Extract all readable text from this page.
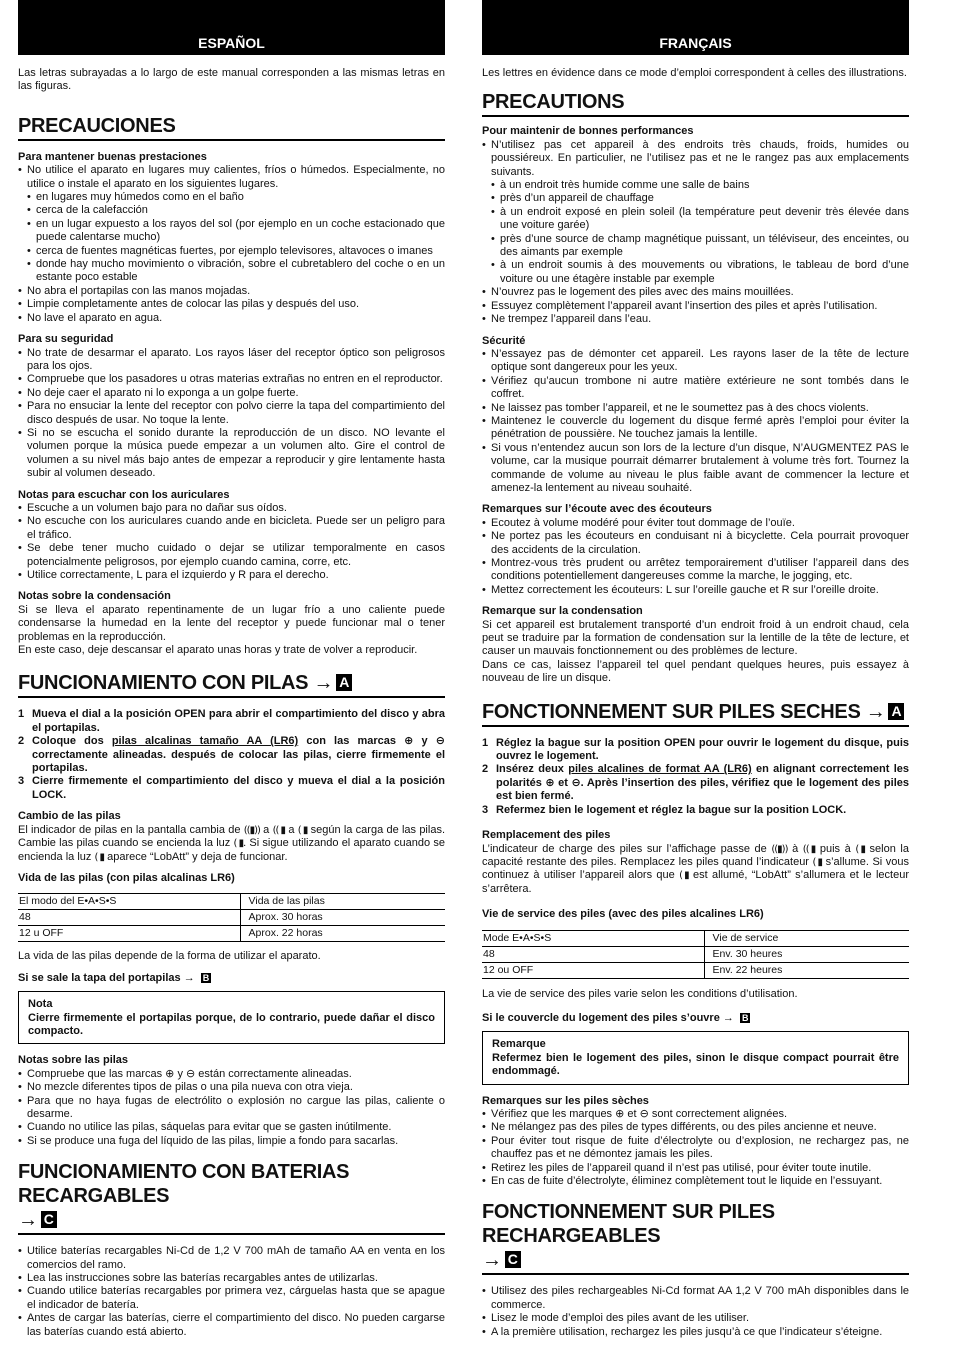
ESPAÑOL

Las letras subrayadas a lo largo de este manual corresponden a las mismas letras en las figuras.

PRECAUCIONES
Para mantener buenas prestaciones
• No utilice el aparato en lugares muy calientes, fríos o húmedos. Especialmente, no utilice o instale el aparato en los siguientes lugares.
• en lugares muy húmedos como en el baño
• cerca de la calefacción
• en un lugar expuesto a los rayos del sol (por ejemplo en un coche estacionado que puede calentarse mucho)
• cerca de fuentes magnéticas fuertes, por ejemplo televisores, altavoces o imanes
• donde hay mucho movimiento o vibración, sobre el cubretablero del coche o en un estante poco estable
• No abra el portapilas con las manos mojadas.
• Limpie completamente antes de colocar las pilas y después del uso.
• No lave el aparato en agua.
Para su seguridad
• No trate de desarmar el aparato. Los rayos láser del receptor óptico son peligrosos para los ojos.
• Compruebe que los pasadores u otras materias extrañas no entren en el reproductor.
• No deje caer el aparato ni lo exponga a un golpe fuerte.
• Para no ensuciar la lente del receptor con polvo cierre la tapa del compartimiento del disco después de usar. No toque la lente.
• Si no se escucha el sonido durante la reproducción de un disco. NO levante el volumen porque la música puede empezar a un volumen alto. Gire el control de volumen a su nivel más bajo antes de empezar a reproducir y gire lentamente hasta subir al volumen deseado.
Notas para escuchar con los auriculares
• Escuche a un volumen bajo para no dañar sus oídos.
• No escuche con los auriculares cuando ande en bicicleta. Puede ser un peligro para el tráfico.
• Se debe tener mucho cuidado o dejar se utilizar temporalmente en casos potencialmente peligrosos, por ejemplo cuando camina, corre, etc.
• Utilice correctamente, L para el izquierdo y R para el derecho.
Notas sobre la condensación

Si se lleva el aparato repentinamente de un lugar frío a uno caliente puede condensarse la humedad en la lente del receptor y puede funcionar mal o tener problemas en la reproducción.

En este caso, deje descansar el aparato unas horas y trate de volver a reproducir.

FUNCIONAMIENTO CON PILAS → A
1 Mueva el dial a la posición OPEN para abrir el compartimiento del disco y abra el portapilas.
2 Coloque dos pilas alcalinas tamaño AA (LR6) con las marcas ⊕ y ⊖ correctamente alineadas. después de colocar las pilas, cierre firmemente el portapilas.
3 Cierre firmemente el compartimiento del disco y mueva el dial a la posición LOCK.
Cambio de las pilas

El indicador de pilas en la pantalla cambia de ((▮)) a (( ▮ a ( ▮ según la carga de las pilas. Cambie las pilas cuando se encienda la luz ( ▮. Si sigue utilizando el aparato cuando se encienda la luz ( ▮ aparece “LobAtt” y deja de funcionar.

Vida de las pilas (con pilas alcalinas LR6)
El modo del E•A•S•S	Vida de las pilas
48	Aprox. 30 horas
12 u OFF	Aprox. 22 horas

La vida de las pilas depende de la forma de utilizar el aparato.

Si se sale la tapa del portapilas → B
Nota

Cierre firmemente el portapilas porque, de lo contrario, puede dañar el disco compacto.

Notas sobre las pilas
• Compruebe que las marcas ⊕ y ⊖ están correctamente alineadas.
• No mezcle diferentes tipos de pilas o una pila nueva con otra vieja.
• Para que no haya fugas de electrólito o explosión no cargue las pilas, caliente o desarme.
• Cuando no utilice las pilas, sáquelas para evitar que se gasten inútilmente.
• Si se produce una fuga del líquido de las pilas, limpie a fondo para sacarlas.
FUNCIONAMIENTO CON BATERIAS RECARGABLES
→ C
• Utilice baterías recargables Ni-Cd de 1,2 V 700 mAh de tamaño AA en venta en los comercios del ramo.
• Lea las instrucciones sobre las baterías recargables antes de utilizarlas.
• Cuando utilice baterías recargables por primera vez, cárguelas hasta que se apague el indicador de batería.
• Antes de cargar las baterías, cierre el compartimiento del disco. No pueden cargarse las baterías cuando está abierto.
FRANÇAIS

Les lettres en évidence dans ce mode d’emploi correspondent à celles des illustrations.

PRECAUTIONS
Pour maintenir de bonnes performances
• N’utilisez pas cet appareil à des endroits très chauds, froids, humides ou poussiéreux. En particulier, ne l’utilisez pas et ne le rangez pas aux emplacements suivants.
• à un endroit très humide comme une salle de bains
• près d’un appareil de chauffage
• à un endroit exposé en plein soleil (la température peut devenir très élevée dans une voiture garée)
• près d’une source de champ magnétique puissant, un téléviseur, des enceintes, ou des aimants par exemple
• à un endroit soumis à des mouvements ou vibrations, le tableau de bord d’une voiture ou une étagère instable par exemple
• N’ouvrez pas le logement des piles avec des mains mouillées.
• Essuyez complètement l’appareil avant l’insertion des piles et après l’utilisation.
• Ne trempez l’appareil dans l’eau.
Sécurité
• N’essayez pas de démonter cet appareil. Les rayons laser de la tête de lecture optique sont dangereux pour les yeux.
• Vérifiez qu’aucun trombone ni autre matière extérieure ne sont tombés dans le coffret.
• Ne laissez pas tomber l’appareil, et ne le soumettez pas à des chocs violents.
• Maintenez le couvercle du logement du disque fermé après l’emploi pour éviter la pénétration de poussière. Ne touchez jamais la lentille.
• Si vous n’entendez aucun son lors de la lecture d’un disque, N’AUGMENTEZ PAS le volume, car la musique pourrait démarrer brutalement à volume très fort. Tournez la commande de volume au niveau le plus faible avant de commencer la lecture et amenez-la lentement au niveau souhaité.
Remarques sur l’écoute avec des écouteurs
• Ecoutez à volume modéré pour éviter tout dommage de l’ouïe.
• Ne portez pas les écouteurs en conduisant ni à bicyclette. Cela pourrait provoquer des accidents de la circulation.
• Montrez-vous très prudent ou arrêtez temporairement d’utiliser l’appareil dans des conditions potentiellement dangereuses comme la marche, le jogging, etc.
• Mettez correctement les écouteurs: L sur l’oreille gauche et R sur l’oreille droite.
Remarque sur la condensation

Si cet appareil est brutalement transporté d’un endroit froid à un endroit chaud, cela peut se traduire par la formation de condensation sur la lentille de la tête de lecture, et causer un mauvais fonctionnement ou des problèmes de lecture.

Dans ce cas, laissez l’appareil tel quel pendant quelques heures, puis essayez à nouveau de lire un disque.

FONCTIONNEMENT SUR PILES SECHES → A
1 Réglez la bague sur la position OPEN pour ouvrir le logement du disque, puis ouvrez le logement.
2 Insérez deux piles alcalines de format AA (LR6) en alignant correctement les polarités ⊕ et ⊖. Après l’insertion des piles, vérifiez que le logement des piles est bien fermé.
3 Refermez bien le logement et réglez la bague sur la position LOCK.
Remplacement des piles

L’indicateur de charge des piles sur l’affichage passe de ((▮)) à (( ▮ puis à ( ▮ selon la capacité restante des piles. Remplacez les piles quand l’indicateur ( ▮ s’allume. Si vous continuez à utiliser l’appareil alors que ( ▮ est allumé, “LobAtt” s’allumera et le lecteur s’arrêtera.

Vie de service des piles (avec des piles alcalines LR6)
Mode E•A•S•S	Vie de service
48	Env. 30 heures
12 ou OFF	Env. 22 heures

La vie de service des piles varie selon les conditions d’utilisation.

Si le couvercle du logement des piles s’ouvre → B
Remarque

Refermez bien le logement des piles, sinon le disque compact pourrait être endommagé.

Remarques sur les piles sèches
• Vérifiez que les marques ⊕ et ⊖ sont correctement alignées.
• Ne mélangez pas des piles de types différents, ou des piles ancienne et neuve.
• Pour éviter tout risque de fuite d’électrolyte ou d’explosion, ne rechargez pas, ne chauffez pas et ne démontez jamais les piles.
• Retirez les piles de l’appareil quand il n’est pas utilisé, pour éviter toute inutile.
• En cas de fuite d’électrolyte, éliminez complètement tout le liquide en l’essuyant.
FONCTIONNEMENT SUR PILES RECHARGEABLES
→ C
• Utilisez des piles rechargeables Ni-Cd format AA 1,2 V 700 mAh disponibles dans le commerce.
• Lisez le mode d’emploi des piles avant de les utiliser.
• A la première utilisation, rechargez les piles jusqu’à ce que l’indicateur s’éteigne.
